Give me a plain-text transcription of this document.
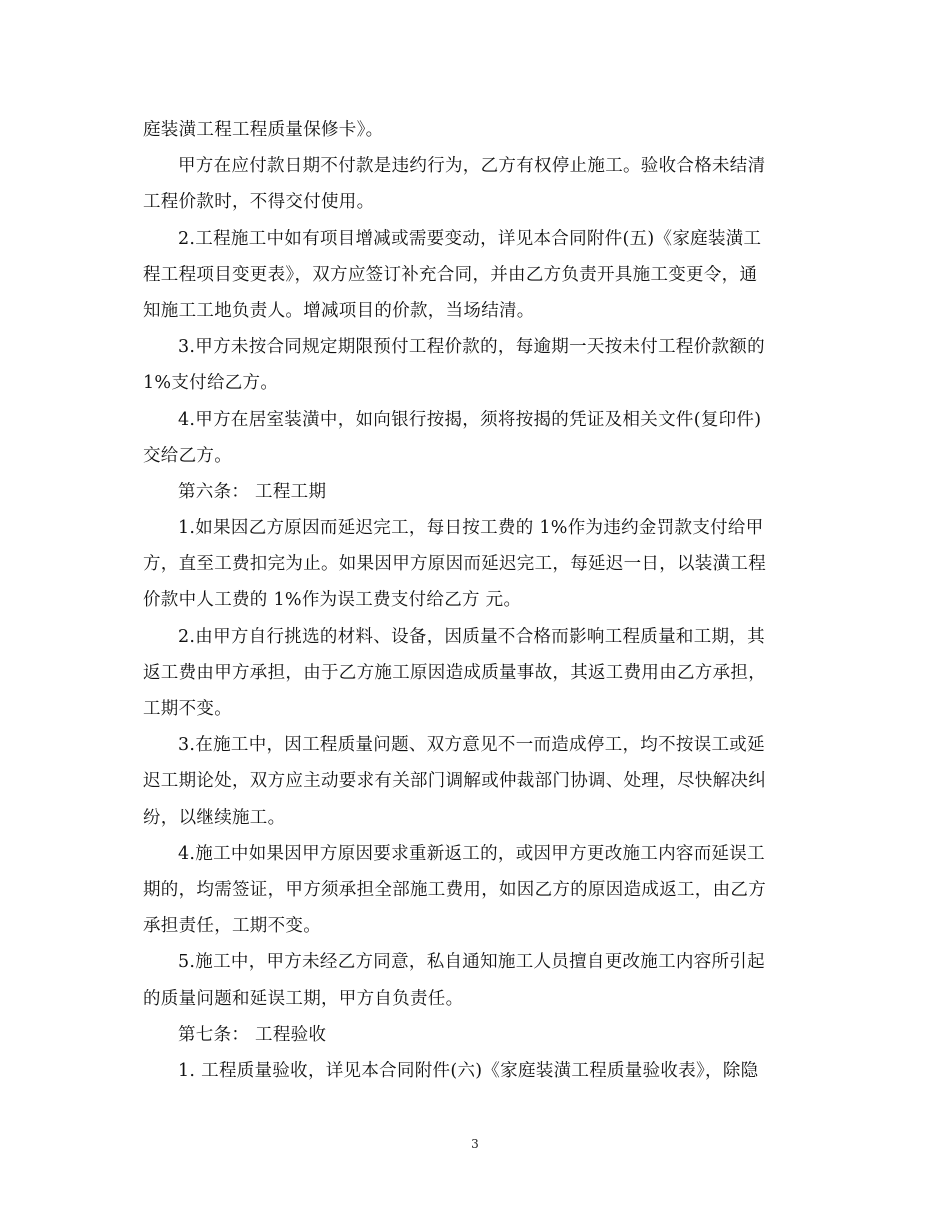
庭装潢工程工程质量保修卡》。
甲方在应付款日期不付款是违约行为，乙方有权停止施工。验收合格未结清
工程价款时，不得交付使用。
2.工程施工中如有项目增减或需要变动，详见本合同附件(五)《家庭装潢工
程工程项目变更表》，双方应签订补充合同，并由乙方负责开具施工变更令，通
知施工工地负责人。增减项目的价款，当场结清。
3.甲方未按合同规定期限预付工程价款的，每逾期一天按未付工程价款额的
1%支付给乙方。
4.甲方在居室装潢中，如向银行按揭，须将按揭的凭证及相关文件(复印件)
交给乙方。
第六条： 工程工期
1.如果因乙方原因而延迟完工，每日按工费的 1%作为违约金罚款支付给甲
方，直至工费扣完为止。如果因甲方原因而延迟完工，每延迟一日，以装潢工程
价款中人工费的 1%作为误工费支付给乙方 元。
2.由甲方自行挑选的材料、设备，因质量不合格而影响工程质量和工期，其
返工费由甲方承担，由于乙方施工原因造成质量事故，其返工费用由乙方承担，
工期不变。
3.在施工中，因工程质量问题、双方意见不一而造成停工，均不按误工或延
迟工期论处，双方应主动要求有关部门调解或仲裁部门协调、处理，尽快解决纠
纷，以继续施工。
4.施工中如果因甲方原因要求重新返工的，或因甲方更改施工内容而延误工
期的，均需签证，甲方须承担全部施工费用，如因乙方的原因造成返工，由乙方
承担责任，工期不变。
5.施工中，甲方未经乙方同意，私自通知施工人员擅自更改施工内容所引起
的质量问题和延误工期，甲方自负责任。
第七条： 工程验收
1. 工程质量验收，详见本合同附件(六)《家庭装潢工程质量验收表》，除隐
3
